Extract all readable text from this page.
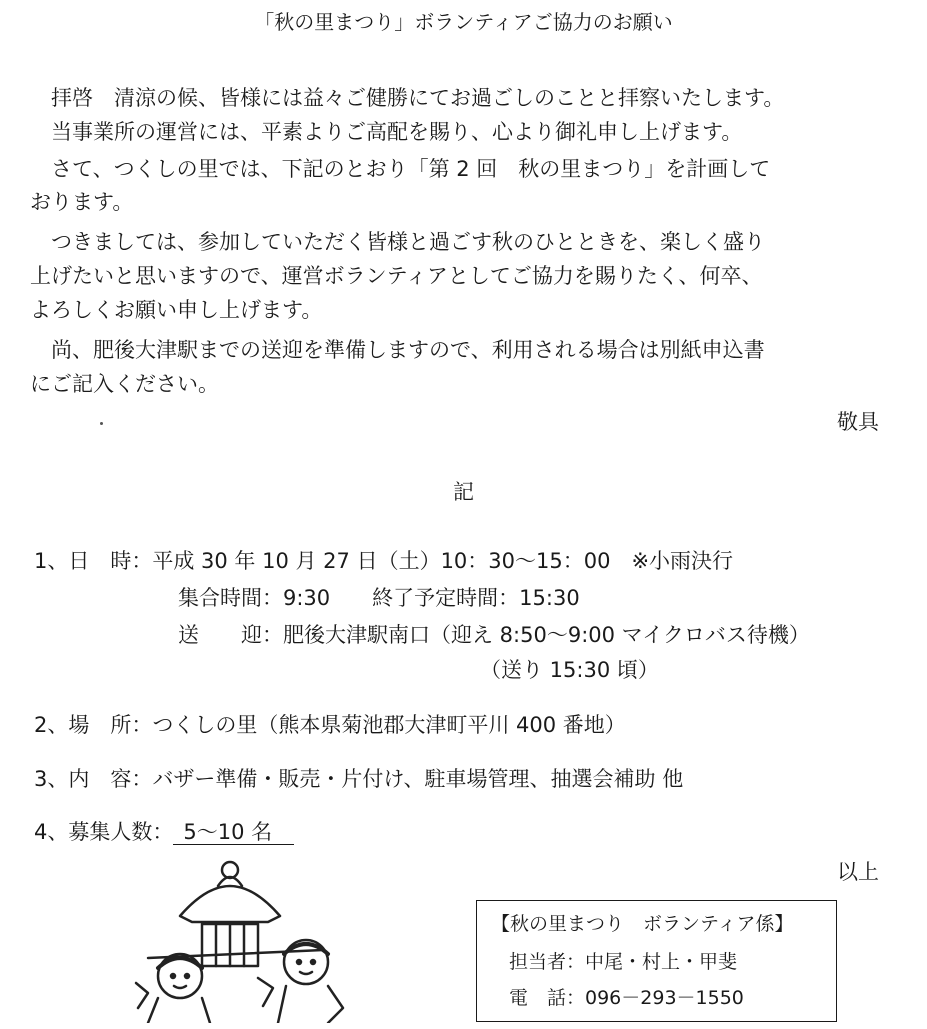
「秋の里まつり」ボランティアご協力のお願い
　拝啓　清涼の候、皆様には益々ご健勝にてお過ごしのことと拝察いたします。
　当事業所の運営には、平素よりご高配を賜り、心より御礼申し上げます。
　さて、つくしの里では、下記のとおり「第 2 回　秋の里まつり」を計画して
おります。
　つきましては、参加していただく皆様と過ごす秋のひとときを、楽しく盛り
上げたいと思いますので、運営ボランティアとしてご協力を賜りたく、何卒、
よろしくお願い申し上げます。
　尚、肥後大津駅までの送迎を準備しますので、利用される場合は別紙申込書
にご記入ください。
敬具
記
1、日　時：平成 30 年 10 月 27 日（土）10：30～15：00　※小雨決行
集合時間：9:30　　終了予定時間：15:30
送　　迎：肥後大津駅南口（迎え 8:50～9:00 マイクロバス待機）
（送り 15:30 頃）
2、場　所：つくしの里（熊本県菊池郡大津町平川 400 番地）
3、内　容：バザー準備・販売・片付け、駐車場管理、抽選会補助 他
4、募集人数： 5～10 名
以上
【秋の里まつり　ボランティア係】
担当者：中尾・村上・甲斐
電　話：096－293－1550
